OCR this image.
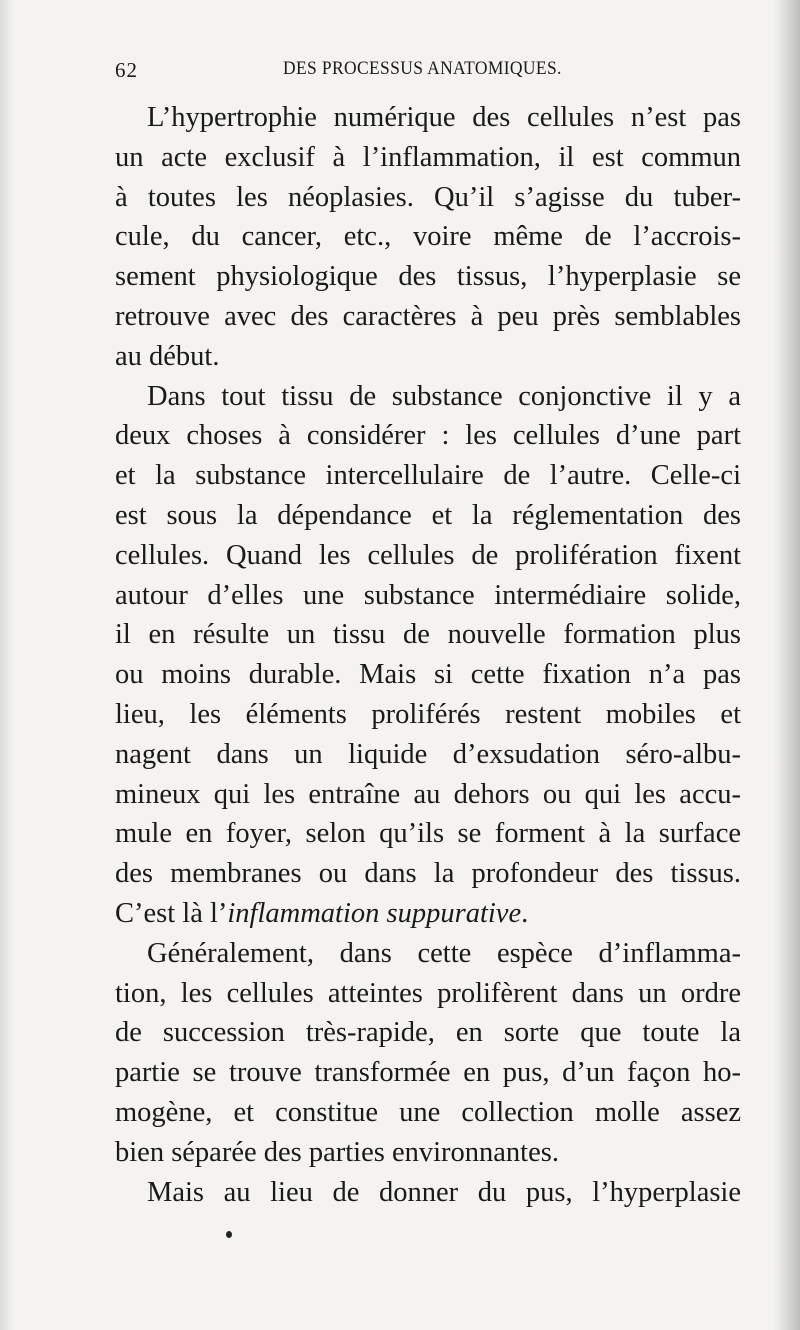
62	DES PROCESSUS ANATOMIQUES.
L’hypertrophie numérique des cellules n’est pas
un acte exclusif à l’inflammation, il est commun
à toutes les néoplasies. Qu’il s’agisse du tuber-
cule, du cancer, etc., voire même de l’accrois-
sement physiologique des tissus, l’hyperplasie se
retrouve avec des caractères à peu près semblables
au début.
Dans tout tissu de substance conjonctive il y a
deux choses à considérer : les cellules d’une part
et la substance intercellulaire de l’autre. Celle-ci
est sous la dépendance et la réglementation des
cellules. Quand les cellules de prolifération fixent
autour d’elles une substance intermédiaire solide,
il en résulte un tissu de nouvelle formation plus
ou moins durable. Mais si cette fixation n’a pas
lieu, les éléments proliférés restent mobiles et
nagent dans un liquide d’exsudation séro-albu-
mineux qui les entraîne au dehors ou qui les accu-
mule en foyer, selon qu’ils se forment à la surface
des membranes ou dans la profondeur des tissus.
C’est là l’inflammation suppurative.
Généralement, dans cette espèce d’inflamma-
tion, les cellules atteintes prolifèrent dans un ordre
de succession très-rapide, en sorte que toute la
partie se trouve transformée en pus, d’un façon ho-
mogène, et constitue une collection molle assez
bien séparée des parties environnantes.
Mais au lieu de donner du pus, l’hyperplasie
